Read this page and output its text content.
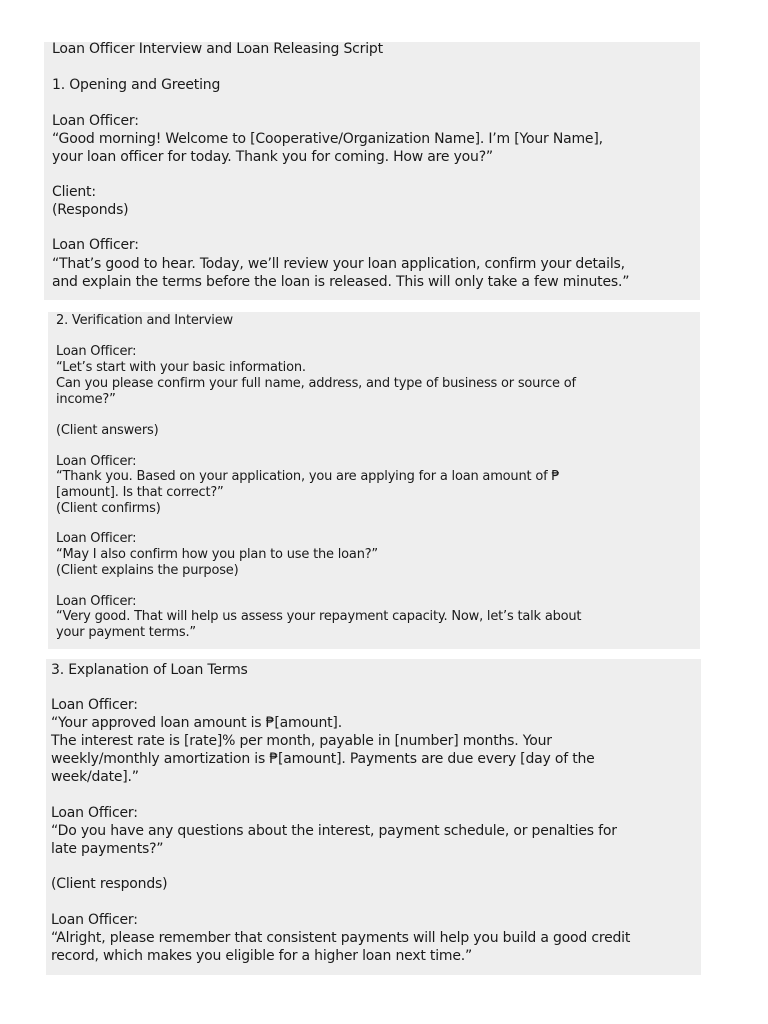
Loan Officer Interview and Loan Releasing Script
1. Opening and Greeting
Loan Officer:
“Good morning! Welcome to [Cooperative/Organization Name]. I’m [Your Name],
your loan officer for today. Thank you for coming. How are you?”
Client:
(Responds)
Loan Officer:
“That’s good to hear. Today, we’ll review your loan application, confirm your details,
and explain the terms before the loan is released. This will only take a few minutes.”
2. Verification and Interview
Loan Officer:
“Let’s start with your basic information.
Can you please confirm your full name, address, and type of business or source of
income?”
(Client answers)
Loan Officer:
“Thank you. Based on your application, you are applying for a loan amount of ₱
[amount]. Is that correct?”
(Client confirms)
Loan Officer:
“May I also confirm how you plan to use the loan?”
(Client explains the purpose)
Loan Officer:
“Very good. That will help us assess your repayment capacity. Now, let’s talk about
your payment terms.”
3. Explanation of Loan Terms
Loan Officer:
“Your approved loan amount is ₱[amount].
The interest rate is [rate]% per month, payable in [number] months. Your
weekly/monthly amortization is ₱[amount]. Payments are due every [day of the
week/date].”
Loan Officer:
“Do you have any questions about the interest, payment schedule, or penalties for
late payments?”
(Client responds)
Loan Officer:
“Alright, please remember that consistent payments will help you build a good credit
record, which makes you eligible for a higher loan next time.”
